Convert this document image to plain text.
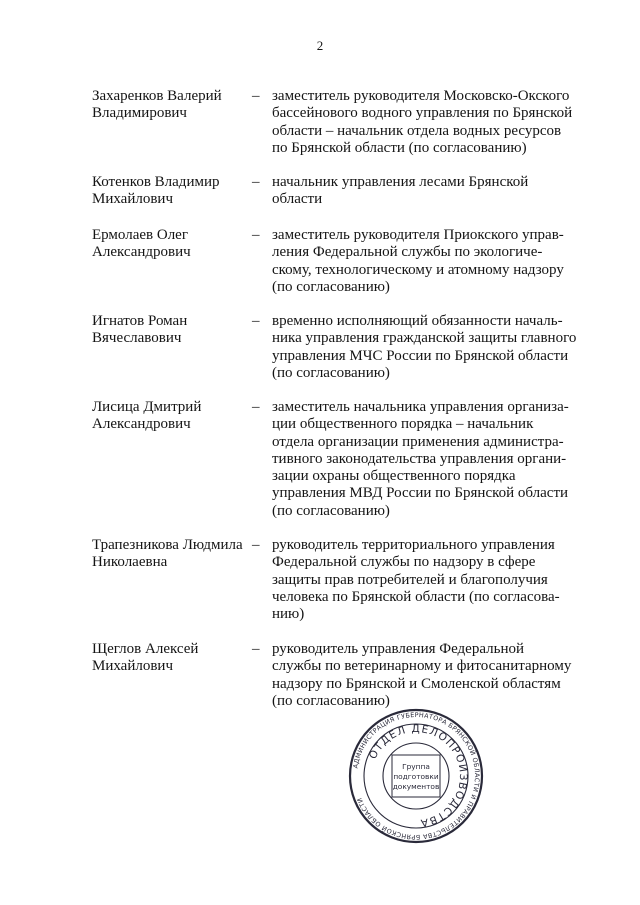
2
Захаренков Валерий
Владимирович
– заместитель руководителя Московско-Окского
бассейнового водного управления по Брянской
области – начальник отдела водных ресурсов
по Брянской области (по согласованию)
Котенков Владимир
Михайлович
– начальник управления лесами Брянской
области
Ермолаев Олег
Александрович
– заместитель руководителя Приокского управ-
ления Федеральной службы по экологиче-
скому, технологическому и атомному надзору
(по согласованию)
Игнатов Роман
Вячеславович
– временно исполняющий обязанности началь-
ника управления гражданской защиты главного
управления МЧС России по Брянской области
(по согласованию)
Лисица Дмитрий
Александрович
– заместитель начальника управления организа-
ции общественного порядка – начальник
отдела организации применения администра-
тивного законодательства управления органи-
зации охраны общественного порядка
управления МВД России по Брянской области
(по согласованию)
Трапезникова Людмила
Николаевна
– руководитель территориального управления
Федеральной службы по надзору в сфере
защиты прав потребителей и благополучия
человека по Брянской области (по согласова-
нию)
Щеглов Алексей
Михайлович
– руководитель управления Федеральной
службы по ветеринарному и фитосанитарному
надзору по Брянской и Смоленской областям
(по согласованию)
АДМИНИСТРАЦИЯ ГУБЕРНАТОРА БРЯНСКОЙ ОБЛАСТИ И ПРАВИТЕЛЬСТВА БРЯНСКОЙ ОБЛАСТИ
ОТДЕЛ ДЕЛОПРОИЗВОДСТВА
Группа
подготовки
документов
